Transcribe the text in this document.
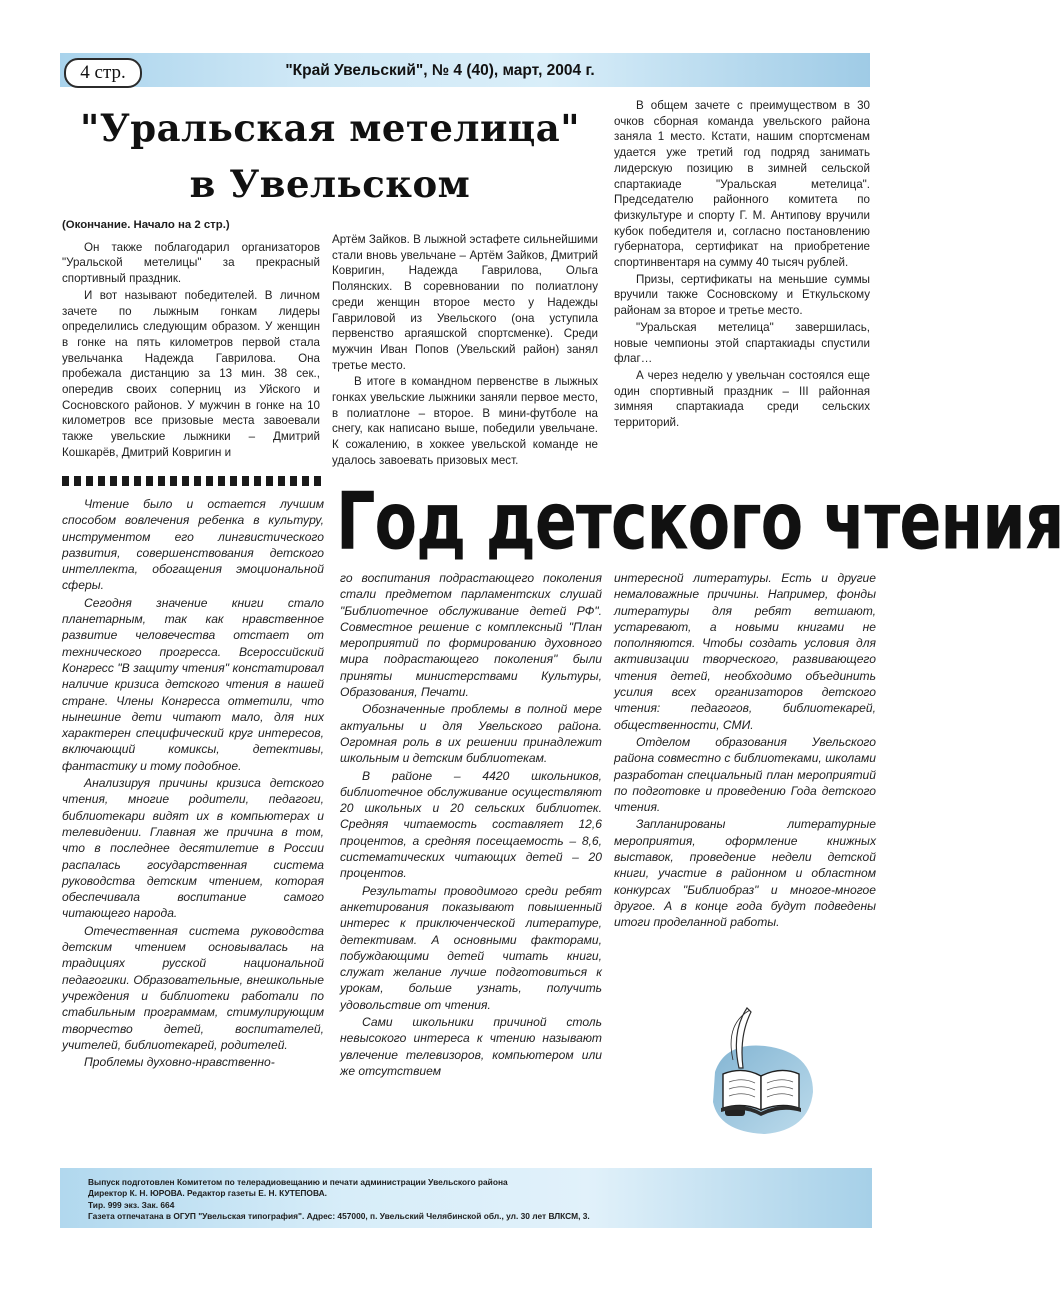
4 стр.	"Край Увельский", № 4 (40), март, 2004 г.
"Уральская метелица"
в Увельском

(Окончание. Начало на 2 стр.)

Он также поблагодарил организаторов "Уральской метелицы" за прекрасный спортивный праздник.

И вот называют победителей. В личном зачете по лыжным гонкам лидеры определились следующим образом. У женщин в гонке на пять километров первой стала увельчанка Надежда Гаврилова. Она пробежала дистанцию за 13 мин. 38 сек., опередив своих соперниц из Уйского и Сосновского районов. У мужчин в гонке на 10 километров все призовые места завоевали также увельские лыжники – Дмитрий Кошкарёв, Дмитрий Ковригин и

Артём Зайков. В лыжной эстафете сильнейшими стали вновь увельчане – Артём Зайков, Дмитрий Ковригин, Надежда Гаврилова, Ольга Полянских. В соревновании по полиатлону среди женщин второе место у Надежды Гавриловой из Увельского (она уступила первенство аргаяшской спортсменке). Среди мужчин Иван Попов (Увельский район) занял третье место.

В итоге в командном первенстве в лыжных гонках увельские лыжники заняли первое место, в полиатлоне – второе. В мини-футболе на снегу, как написано выше, победили увельчане. К сожалению, в хоккее увельской команде не удалось завоевать призовых мест.

В общем зачете с преимуществом в 30 очков сборная команда увельского района заняла 1 место. Кстати, нашим спортсменам удается уже третий год подряд занимать лидерскую позицию в зимней сельской спартакиаде "Уральская метелица". Председателю районного комитета по физкультуре и спорту Г. М. Антипову вручили кубок победителя и, согласно постановлению губернатора, сертификат на приобретение спортинвентаря на сумму 40 тысяч рублей.

Призы, сертификаты на меньшие суммы вручили также Сосновскому и Еткульскому районам за второе и третье место.

"Уральская метелица" завершилась, новые чемпионы этой спартакиады спустили флаг…

А через неделю у увельчан состоялся еще один спортивный праздник – III районная зимняя спартакиада среди сельских территорий.

Год детского чтения

Чтение было и остается лучшим способом вовлечения ребенка в культуру, инструментом его лингвистического развития, совершенствования детского интеллекта, обогащения эмоциональной сферы.

Сегодня значение книги стало планетарным, так как нравственное развитие человечества отстает от технического прогресса. Всероссийский Конгресс "В защиту чтения" констатировал наличие кризиса детского чтения в нашей стране. Члены Конгресса отметили, что нынешние дети читают мало, для них характерен специфический круг интересов, включающий комиксы, детективы, фантастику и тому подобное.

Анализируя причины кризиса детского чтения, многие родители, педагоги, библиотекари видят их в компьютерах и телевидении. Главная же причина в том, что в последнее десятилетие в России распалась государственная система руководства детским чтением, которая обеспечивала воспитание самого читающего народа.

Отечественная система руководства детским чтением основывалась на традициях русской национальной педагогики. Образовательные, внешкольные учреждения и библиотеки работали по стабильным программам, стимулирующим творчество детей, воспитателей, учителей, библиотекарей, родителей.

Проблемы духовно-нравственно-

го воспитания подрастающего поколения стали предметом парламентских слушай "Библиотечное обслуживание детей РФ". Совместное решение с комплексный "План мероприятий по формированию духовного мира подрастающего поколения" были приняты министерствами Культуры, Образования, Печати.

Обозначенные проблемы в полной мере актуальны и для Увельского района. Огромная роль в их решении принадлежит школьным и детским библиотекам.

В районе – 4420 школьников, библиотечное обслуживание осуществляют 20 школьных и 20 сельских библиотек. Средняя читаемость составляет 12,6 процентов, а средняя посещаемость – 8,6, систематических читающих детей – 20 процентов.

Результаты проводимого среди ребят анкетирования показывают повышенный интерес к приключенческой литературе, детективам. А основными факторами, побуждающими детей читать книги, служат желание лучше подготовиться к урокам, больше узнать, получить удовольствие от чтения.

Сами школьники причиной столь невысокого интереса к чтению называют увлечение телевизоров, компьютером или же отсутствием

интересной литературы. Есть и другие немаловажные причины. Например, фонды литературы для ребят ветшают, устаревают, а новыми книгами не пополняются. Чтобы создать условия для активизации творческого, развивающего чтения детей, необходимо объединить усилия всех организаторов детского чтения: педагогов, библиотекарей, общественности, СМИ.

Отделом образования Увельского района совместно с библиотеками, школами разработан специальный план мероприятий по подготовке и проведению Года детского чтения.

Запланированы литературные мероприятия, оформление книжных выставок, проведение недели детской книги, участие в районном и областном конкурсах "Библиобраз" и многое-многое другое. А в конце года будут подведены итоги проделанной работы.

Выпуск подготовлен Комитетом по телерадиовещанию и печати администрации Увельского района
Директор К. Н. ЮРОВА. Редактор газеты Е. Н. КУТЕПОВА.
Тир. 999 экз. Зак. 664
Газета отпечатана в ОГУП "Увельская типография". Адрес: 457000, п. Увельский Челябинской обл., ул. 30 лет ВЛКСМ, 3.
